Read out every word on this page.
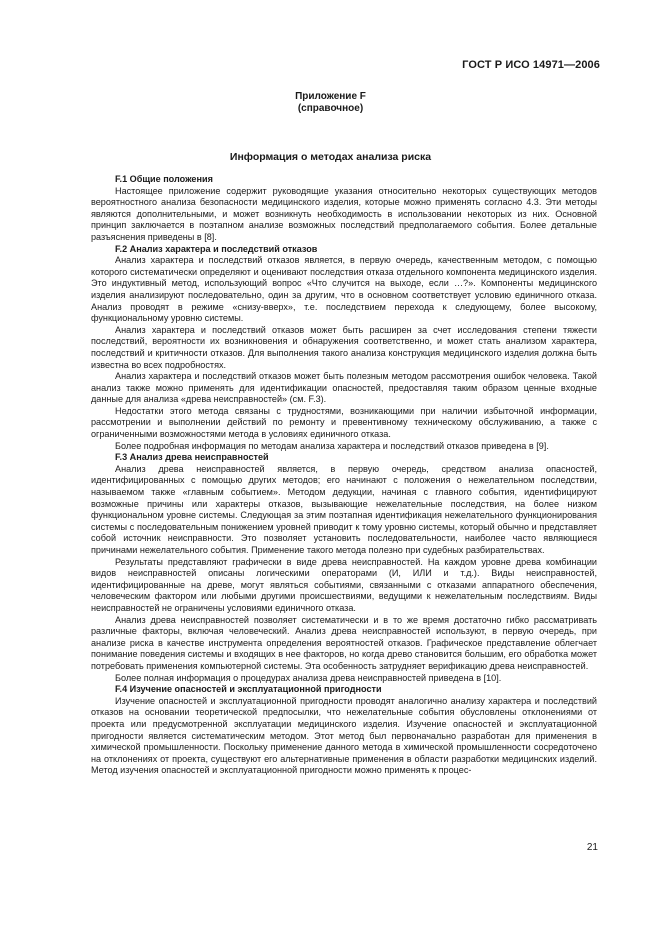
ГОСТ Р ИСО 14971—2006
Приложение F
(справочное)
Информация о методах анализа риска
F.1 Общие положения

Настоящее приложение содержит руководящие указания относительно некоторых существующих методов вероятностного анализа безопасности медицинского изделия, которые можно применять согласно 4.3. Эти методы являются дополнительными, и может возникнуть необходимость в использовании некоторых из них. Основной принцип заключается в поэтапном анализе возможных последствий предполагаемого события. Более детальные разъяснения приведены в [8].

F.2 Анализ характера и последствий отказов

Анализ характера и последствий отказов является, в первую очередь, качественным методом, с помощью которого систематически определяют и оценивают последствия отказа отдельного компонента медицинского изделия. Это индуктивный метод, использующий вопрос «Что случится на выходе, если …?». Компоненты медицинского изделия анализируют последовательно, один за другим, что в основном соответствует условию единичного отказа. Анализ проводят в режиме «снизу-вверх», т.е. последствием перехода к следующему, более высокому, функциональному уровню системы.

Анализ характера и последствий отказов может быть расширен за счет исследования степени тяжести последствий, вероятности их возникновения и обнаружения соответственно, и может стать анализом характера, последствий и критичности отказов. Для выполнения такого анализа конструкция медицинского изделия должна быть известна во всех подробностях.

Анализ характера и последствий отказов может быть полезным методом рассмотрения ошибок человека. Такой анализ также можно применять для идентификации опасностей, предоставляя таким образом ценные входные данные для анализа «древа неисправностей» (см. F.3).

Недостатки этого метода связаны с трудностями, возникающими при наличии избыточной информации, рассмотрении и выполнении действий по ремонту и превентивному техническому обслуживанию, а также с ограниченными возможностями метода в условиях единичного отказа.

Более подробная информация по методам анализа характера и последствий отказов приведена в [9].

F.3 Анализ древа неисправностей

Анализ древа неисправностей является, в первую очередь, средством анализа опасностей, идентифицированных с помощью других методов; его начинают с положения о нежелательном последствии, называемом также «главным событием». Методом дедукции, начиная с главного события, идентифицируют возможные причины или характеры отказов, вызывающие нежелательные последствия, на более низком функциональном уровне системы. Следующая за этим поэтапная идентификация нежелательного функционирования системы с последовательным понижением уровней приводит к тому уровню системы, который обычно и представляет собой источник неисправности. Это позволяет установить последовательности, наиболее часто являющиеся причинами нежелательного события. Применение такого метода полезно при судебных разбирательствах.

Результаты представляют графически в виде древа неисправностей. На каждом уровне древа комбинации видов неисправностей описаны логическими операторами (И, ИЛИ и т.д.). Виды неисправностей, идентифицированные на древе, могут являться событиями, связанными с отказами аппаратного обеспечения, человеческим фактором или любыми другими происшествиями, ведущими к нежелательным последствиям. Виды неисправностей не ограничены условиями единичного отказа.

Анализ древа неисправностей позволяет систематически и в то же время достаточно гибко рассматривать различные факторы, включая человеческий. Анализ древа неисправностей используют, в первую очередь, при анализе риска в качестве инструмента определения вероятностей отказов. Графическое представление облегчает понимание поведения системы и входящих в нее факторов, но когда древо становится большим, его обработка может потребовать применения компьютерной системы. Эта особенность затрудняет верификацию древа неисправностей.

Более полная информация о процедурах анализа древа неисправностей приведена в [10].

F.4 Изучение опасностей и эксплуатационной пригодности

Изучение опасностей и эксплуатационной пригодности проводят аналогично анализу характера и последствий отказов на основании теоретической предпосылки, что нежелательные события обусловлены отклонениями от проекта или предусмотренной эксплуатации медицинского изделия. Изучение опасностей и эксплуатационной пригодности является систематическим методом. Этот метод был первоначально разработан для применения в химической промышленности. Поскольку применение данного метода в химической промышленности сосредоточено на отклонениях от проекта, существуют его альтернативные применения в области разработки медицинских изделий. Метод изучения опасностей и эксплуатационной пригодности можно применять к процес-

21
